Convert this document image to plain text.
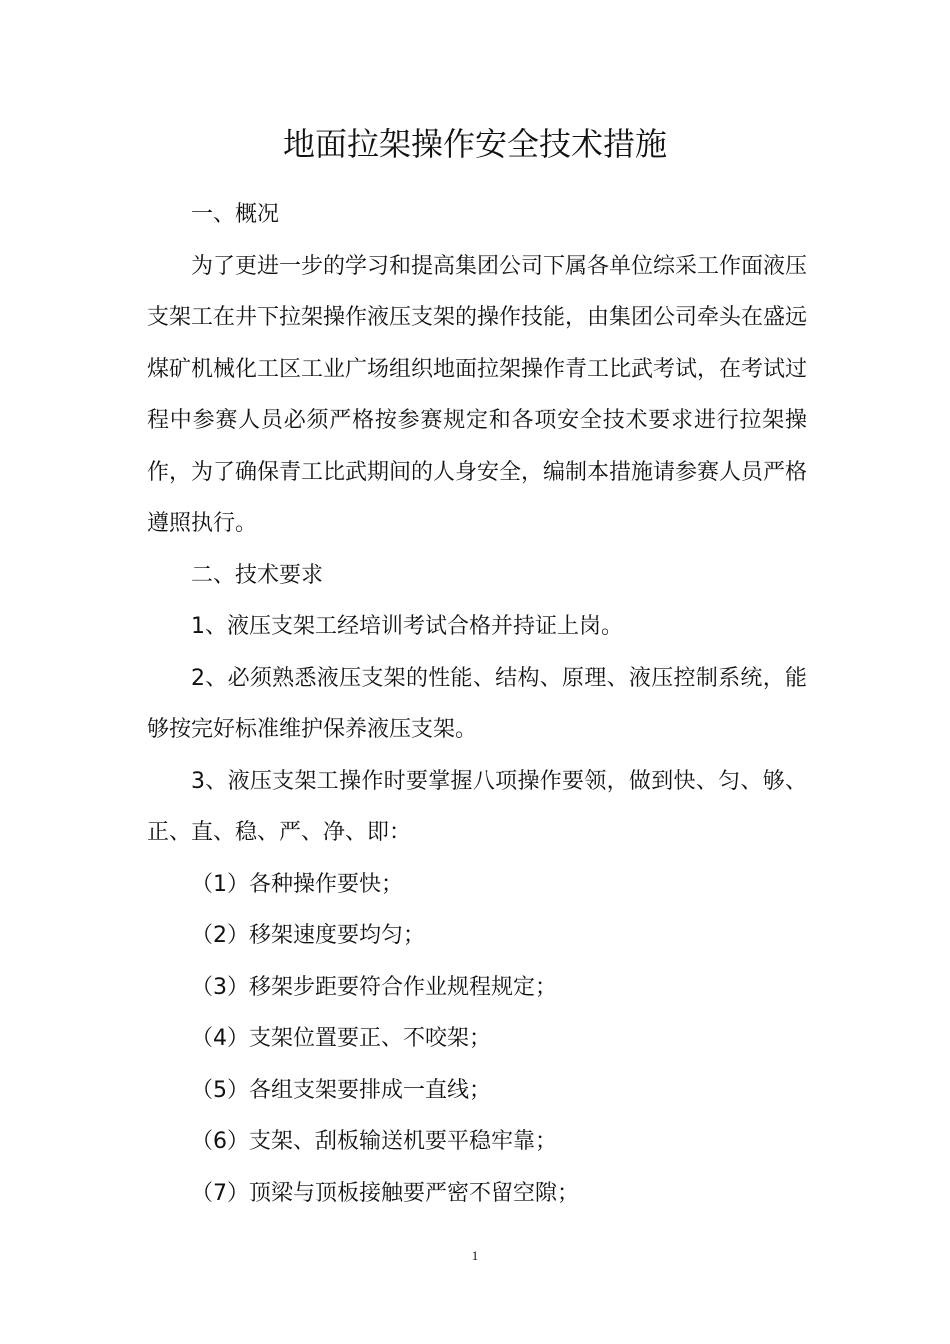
地面拉架操作安全技术措施

一、概况

为了更进一步的学习和提高集团公司下属各单位综采工作面液压支架工在井下拉架操作液压支架的操作技能，由集团公司牵头在盛远煤矿机械化工区工业广场组织地面拉架操作青工比武考试，在考试过程中参赛人员必须严格按参赛规定和各项安全技术要求进行拉架操作，为了确保青工比武期间的人身安全，编制本措施请参赛人员严格遵照执行。

二、技术要求

1、液压支架工经培训考试合格并持证上岗。

2、必须熟悉液压支架的性能、结构、原理、液压控制系统，能够按完好标准维护保养液压支架。

3、液压支架工操作时要掌握八项操作要领，做到快、匀、够、正、直、稳、严、净、即：

（1）各种操作要快；

（2）移架速度要均匀；

（3）移架步距要符合作业规程规定；

（4）支架位置要正、不咬架；

（5）各组支架要排成一直线；

（6）支架、刮板输送机要平稳牢靠；

（7）顶梁与顶板接触要严密不留空隙；

1
